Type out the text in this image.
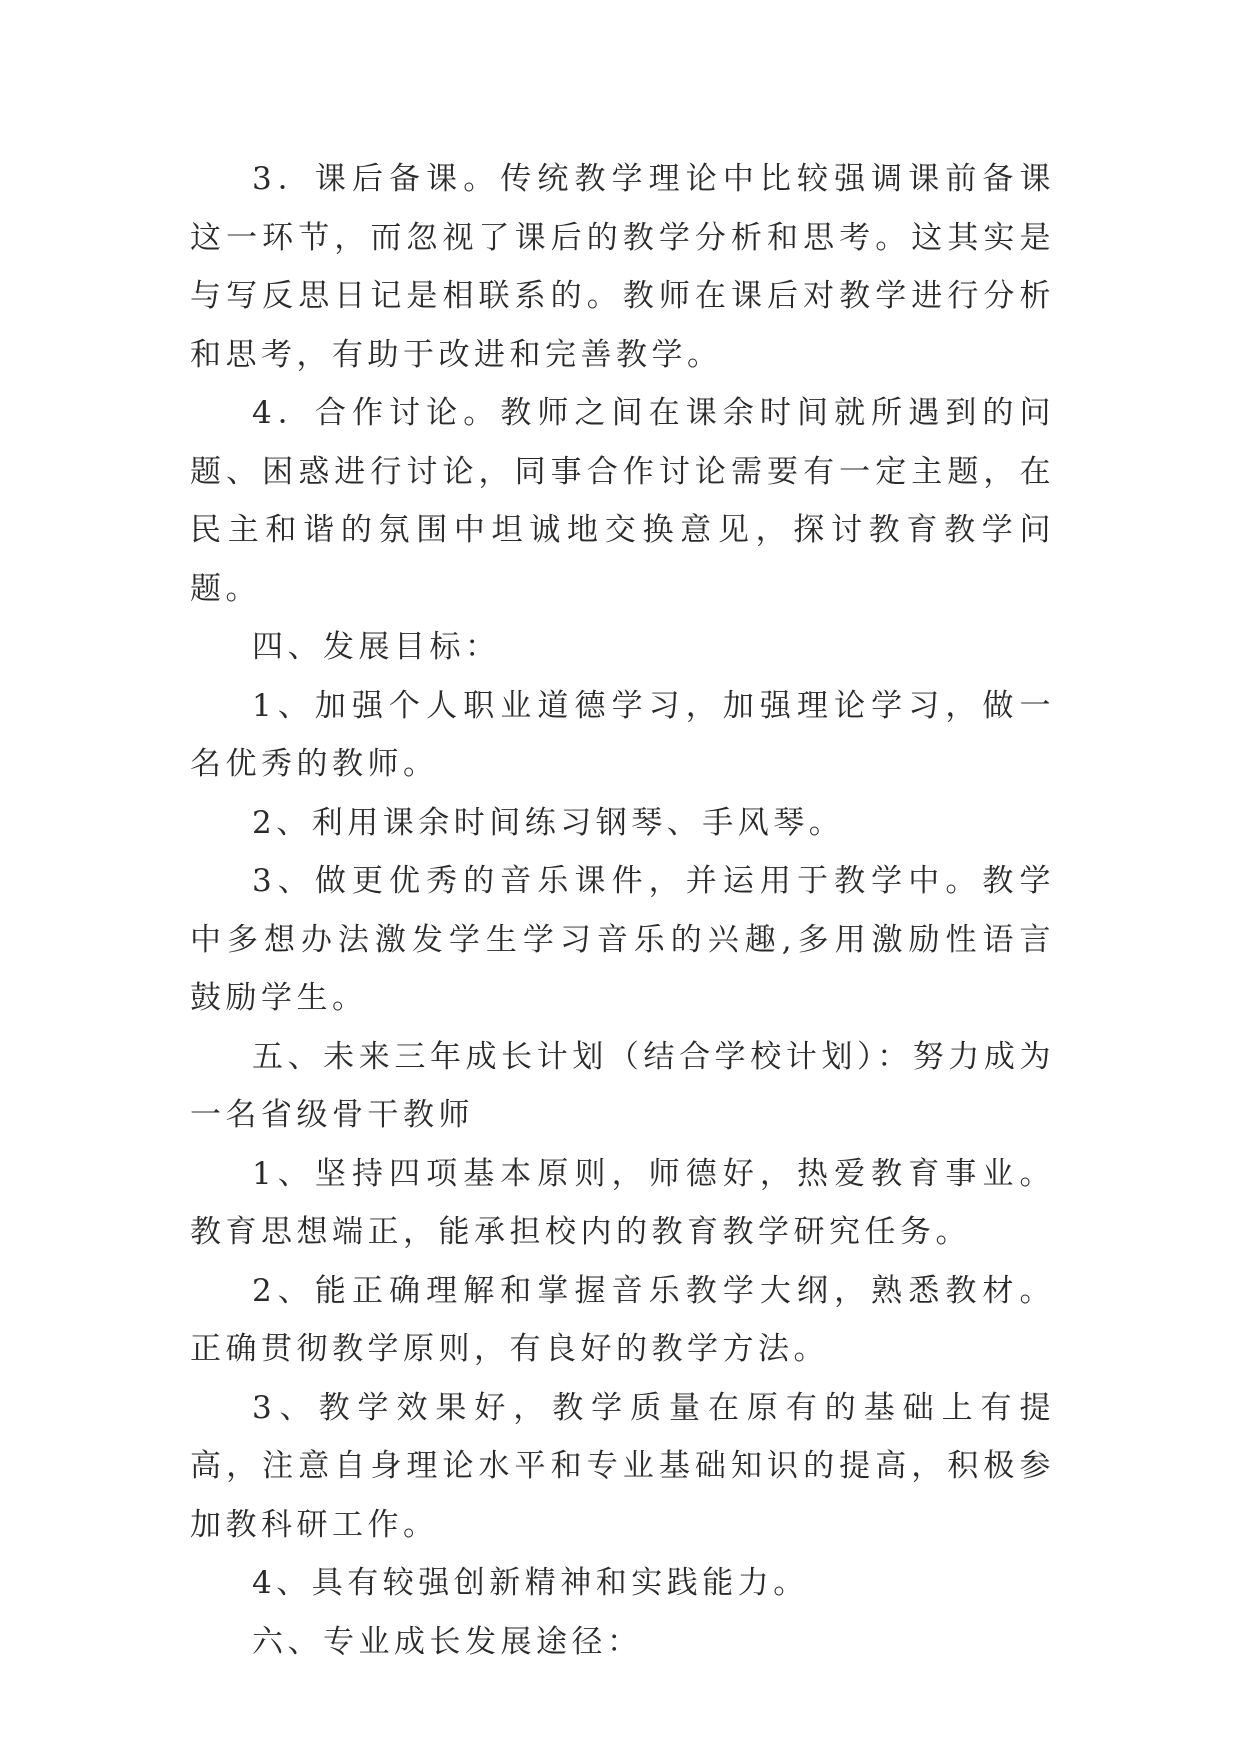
3．课后备课。传统教学理论中比较强调课前备课这一环节，而忽视了课后的教学分析和思考。这其实是与写反思日记是相联系的。教师在课后对教学进行分析和思考，有助于改进和完善教学。

4．合作讨论。教师之间在课余时间就所遇到的问题、困惑进行讨论，同事合作讨论需要有一定主题，在民主和谐的氛围中坦诚地交换意见，探讨教育教学问题。

四、发展目标：

1、加强个人职业道德学习，加强理论学习，做一名优秀的教师。

2、利用课余时间练习钢琴、手风琴。

3、做更优秀的音乐课件，并运用于教学中。教学中多想办法激发学生学习音乐的兴趣,多用激励性语言鼓励学生。

五、未来三年成长计划（结合学校计划）：努力成为一名省级骨干教师

1、坚持四项基本原则，师德好，热爱教育事业。教育思想端正，能承担校内的教育教学研究任务。

2、能正确理解和掌握音乐教学大纲，熟悉教材。正确贯彻教学原则，有良好的教学方法。

3、教学效果好，教学质量在原有的基础上有提高，注意自身理论水平和专业基础知识的提高，积极参加教科研工作。

4、具有较强创新精神和实践能力。

六、专业成长发展途径：
